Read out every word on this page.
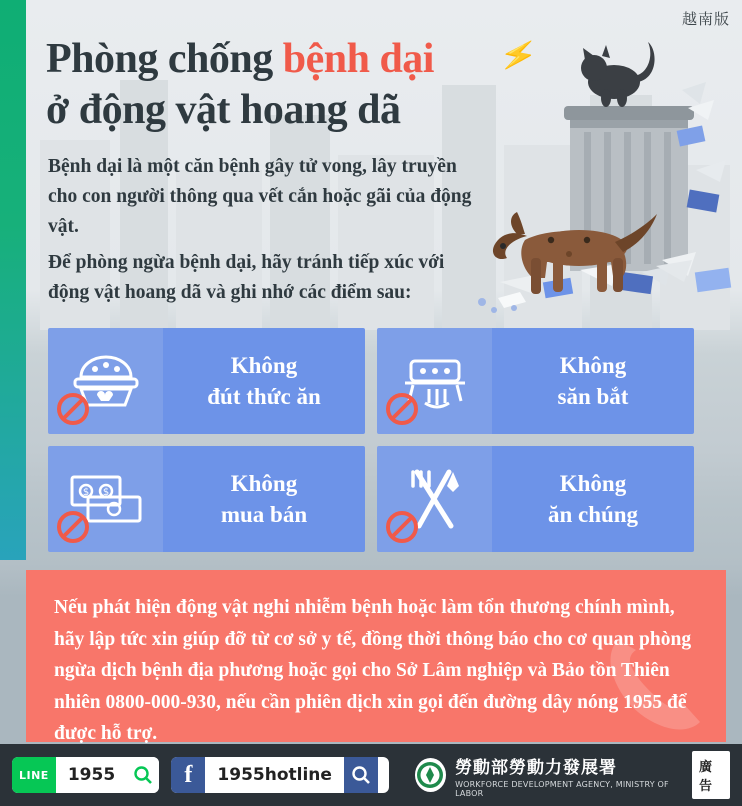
越南版
Phòng chống bệnh dại
ở động vật hoang dã
⚡
Bệnh dại là một căn bệnh gây tử vong, lây truyền cho con người thông qua vết cắn hoặc gãi của động vật.
Để phòng ngừa bệnh dại, hãy tránh tiếp xúc với động vật hoang dã và ghi nhớ các điểm sau:
Không
đút thức ăn
Không
săn bắt
$ $	Không
mua bán
Không
ăn chúng
Nếu phát hiện động vật nghi nhiễm bệnh hoặc làm tổn thương chính mình, hãy lập tức xin giúp đỡ từ cơ sở y tế, đồng thời thông báo cho cơ quan phòng ngừa dịch bệnh địa phương hoặc gọi cho Sở Lâm nghiệp và Bảo tồn Thiên nhiên 0800-000-930, nếu cần phiên dịch xin gọi đến đường dây nóng 1955 để được hỗ trợ.
LINE	1955	f	1955hotline	勞動部勞動力發展署
WORKFORCE DEVELOPMENT AGENCY, MINISTRY OF LABOR
廣告
